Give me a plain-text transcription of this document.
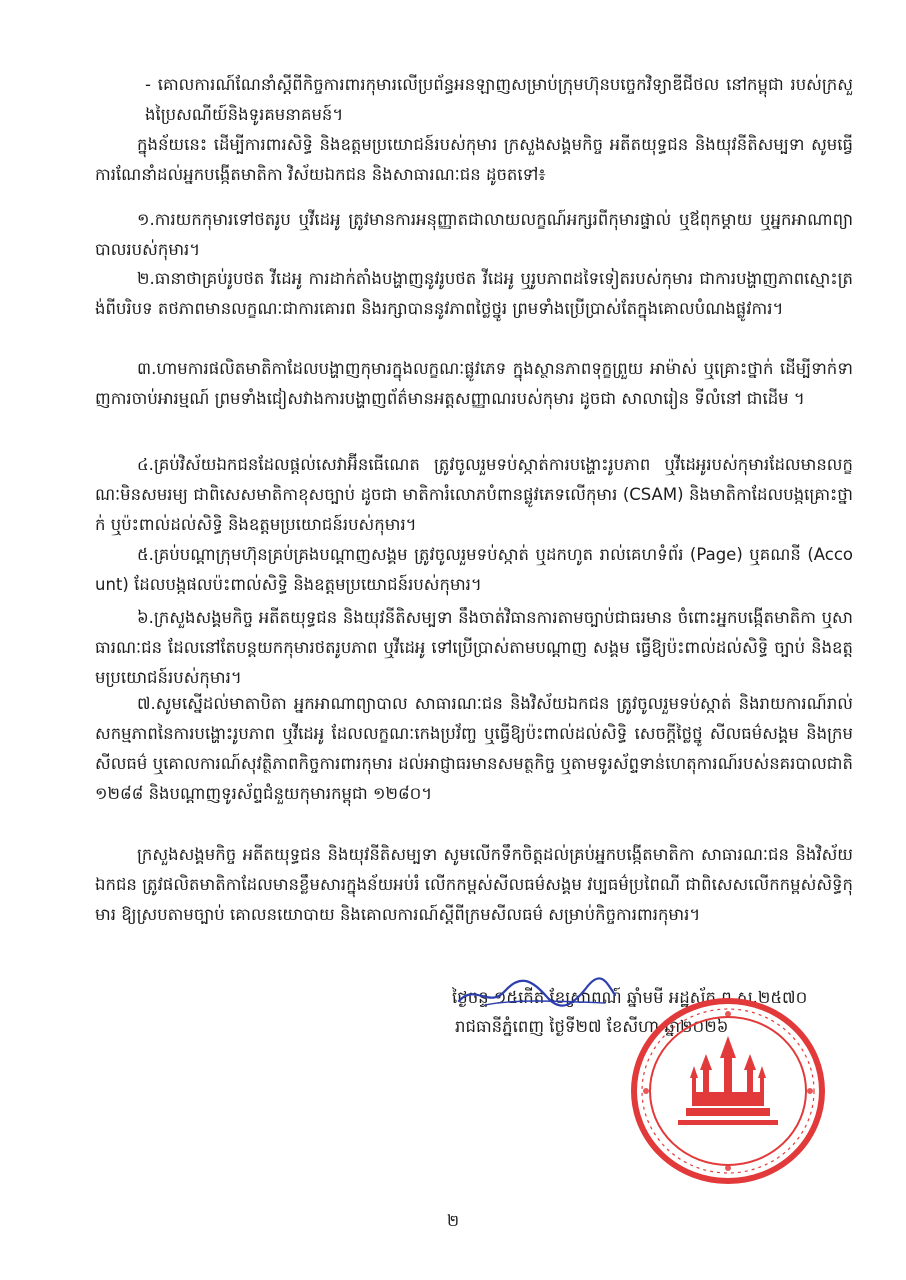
- គោលការណ៍ណែនាំស្ដីពីកិច្ចការពារកុមារលើប្រព័ន្ធអនឡាញសម្រាប់ក្រុមហ៊ុនបច្ចេកវិទ្យាឌីជីថល នៅកម្ពុជា របស់ក្រសួងប្រៃសណីយ៍និងទូរគមនាគមន៍។
ក្នុងន័យនេះ ដើម្បីការពារសិទ្ធិ និងឧត្តមប្រយោជន៍របស់កុមារ ក្រសួងសង្គមកិច្ច អតីតយុទ្ធជន និងយុវនីតិសម្បទា សូមធ្វើការណែនាំដល់អ្នកបង្កើតមាតិកា វិស័យឯកជន និងសាធារណៈជន ដូចតទៅ៖
១.ការយកកុមារទៅថតរូប ឬវីដេអូ ត្រូវមានការអនុញ្ញាតជាលាយលក្ខណ៍អក្សរពីកុមារផ្ទាល់ ឬឪពុកម្ដាយ ឬអ្នកអាណាព្យាបាលរបស់កុមារ។
២.ធានាថាគ្រប់រូបថត វីដេអូ ការដាក់តាំងបង្ហាញនូវរូបថត វីដេអូ ឬរូបភាពដទៃទៀតរបស់កុមារ ជាការបង្ហាញភាពស្មោះត្រង់ពីបរិបទ តថភាពមានលក្ខណៈជាការគោរព និងរក្សាបាននូវភាពថ្លៃថ្នូរ ព្រមទាំងប្រើប្រាស់តែក្នុងគោលបំណងផ្លូវការ។
៣.ហាមការផលិតមាតិកាដែលបង្ហាញកុមារក្នុងលក្ខណៈផ្លូវភេទ ក្នុងស្ថានភាពទុក្ខព្រួយ អាម៉ាស់ ឬគ្រោះថ្នាក់ ដើម្បីទាក់ទាញការចាប់អារម្មណ៍ ព្រមទាំងជៀសវាងការបង្ហាញព័ត៌មានអត្តសញ្ញាណរបស់កុមារ ដូចជា សាលារៀន ទីលំនៅ ជាដើម ។
៤.គ្រប់វិស័យឯកជនដែលផ្ដល់សេវាអ៊ីនធើណេត ត្រូវចូលរួមទប់ស្កាត់ការបង្ហោះរូបភាព ឬវីដេអូរបស់កុមារដែលមានលក្ខណៈមិនសមរម្យ ជាពិសេសមាតិកាខុសច្បាប់ ដូចជា មាតិការំលោភបំពានផ្លូវភេទលើកុមារ (CSAM) និងមាតិកាដែលបង្កគ្រោះថ្នាក់ ឬប៉ះពាល់ដល់សិទ្ធិ និងឧត្តមប្រយោជន៍របស់កុមារ។
៥.គ្រប់បណ្ដាក្រុមហ៊ុនគ្រប់គ្រងបណ្ដាញសង្គម ត្រូវចូលរួមទប់ស្កាត់ ឬដកហូត រាល់គេហទំព័រ (Page) ឬគណនី (Account) ដែលបង្កផលប៉ះពាល់សិទ្ធិ និងឧត្តមប្រយោជន៍របស់កុមារ។
៦.ក្រសួងសង្គមកិច្ច អតីតយុទ្ធជន និងយុវនីតិសម្បទា នឹងចាត់វិធានការតាមច្បាប់ជាធរមាន ចំពោះអ្នកបង្កើតមាតិកា ឬសាធារណៈជន ដែលនៅតែបន្តយកកុមារថតរូបភាព ឬវីដេអូ ទៅប្រើប្រាស់តាមបណ្ដាញ សង្គម ធ្វើឱ្យប៉ះពាល់ដល់សិទ្ធិ ច្បាប់ និងឧត្តមប្រយោជន៍របស់កុមារ។
៧.សូមស្នើដល់មាតាបិតា អ្នកអាណាព្យាបាល សាធារណៈជន និងវិស័យឯកជន ត្រូវចូលរួមទប់ស្កាត់ និងរាយការណ៍រាល់សកម្មភាពនៃការបង្ហោះរូបភាព ឬវីដេអូ ដែលលក្ខណៈកេងប្រវ័ញ្ច ឬធ្វើឱ្យប៉ះពាល់ដល់សិទ្ធិ សេចក្ដីថ្លៃថ្នូ សីលធម៌សង្គម និងក្រមសីលធម៌ ឬគោលការណ៍សុវត្ថិភាពកិច្ចការពារកុមារ ដល់អាជ្ញាធរមានសមត្ថកិច្ច ឬតាមទូរស័ព្ទទាន់ហេតុការណ៍របស់នគរបាលជាតិ ១២៨៨ និងបណ្ដាញទូរស័ព្ទជំនួយកុមារកម្ពុជា ១២៨០។
ក្រសួងសង្គមកិច្ច អតីតយុទ្ធជន និងយុវនីតិសម្បទា សូមលើកទឹកចិត្តដល់គ្រប់អ្នកបង្កើតមាតិកា សាធារណៈជន និងវិស័យឯកជន ត្រូវផលិតមាតិកាដែលមានខ្លឹមសារក្នុងន័យអប់រំ លើកកម្ពស់សីលធម៌សង្គម វប្បធម៌ប្រពៃណី ជាពិសេសលើកកម្ពស់សិទ្ធិកុមារ ឱ្យស្របតាមច្បាប់ គោលនយោបាយ និងគោលការណ៍ស្ដីពីក្រមសីលធម៌ សម្រាប់កិច្ចការពារកុមារ។
ថ្ងៃចន្ទ ១៥កើត ខែស្រាពណ៍ ឆ្នាំមមី អដ្ឋស័ក ព.ស.២៥៧០
រាជធានីភ្នំពេញ ថ្ងៃទី២៧ ខែសីហា ឆ្នាំ២០២៦
២
